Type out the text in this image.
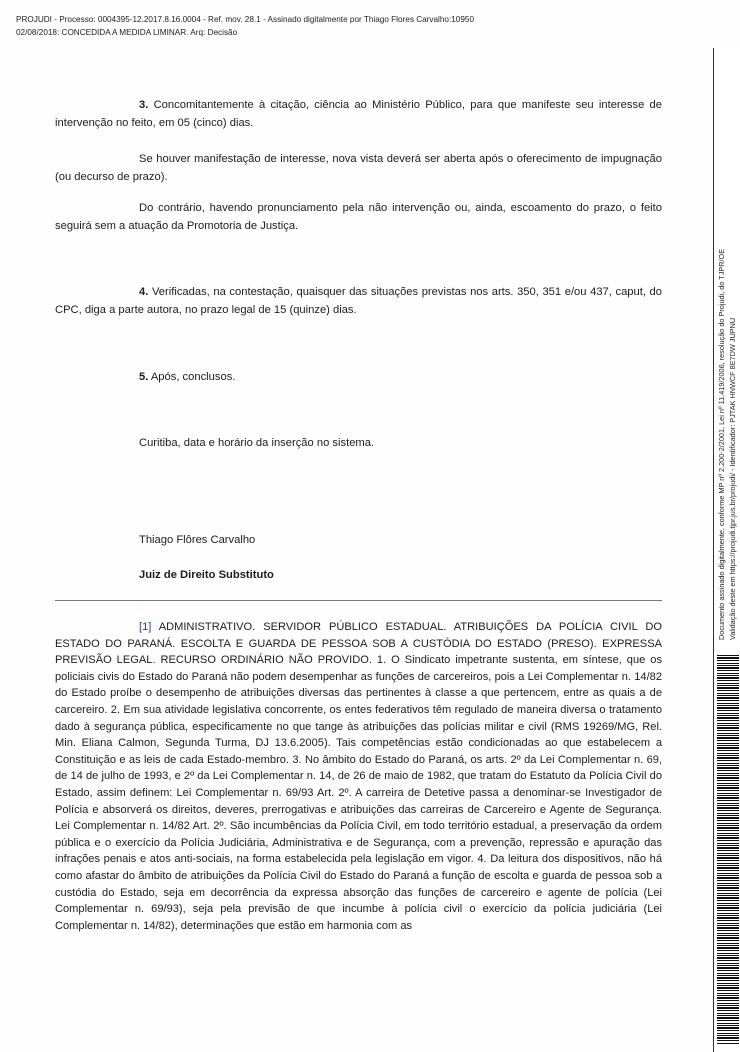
PROJUDI - Processo: 0004395-12.2017.8.16.0004 - Ref. mov. 28.1 - Assinado digitalmente por Thiago Flores Carvalho:10950
02/08/2018: CONCEDIDA A MEDIDA LIMINAR. Arq: Decisão
3. Concomitantemente à citação, ciência ao Ministério Público, para que manifeste seu interesse de intervenção no feito, em 05 (cinco) dias.
Se houver manifestação de interesse, nova vista deverá ser aberta após o oferecimento de impugnação (ou decurso de prazo).
Do contrário, havendo pronunciamento pela não intervenção ou, ainda, escoamento do prazo, o feito seguirá sem a atuação da Promotoria de Justiça.
4. Verificadas, na contestação, quaisquer das situações previstas nos arts. 350, 351 e/ou 437, caput, do CPC, diga a parte autora, no prazo legal de 15 (quinze) dias.
5. Após, conclusos.
Curitiba, data e horário da inserção no sistema.
Thiago Flôres Carvalho
Juiz de Direito Substituto
[1] ADMINISTRATIVO. SERVIDOR PÚBLICO ESTADUAL. ATRIBUIÇÕES DA POLÍCIA CIVIL DO ESTADO DO PARANÁ. ESCOLTA E GUARDA DE PESSOA SOB A CUSTÓDIA DO ESTADO (PRESO). EXPRESSA PREVISÃO LEGAL. RECURSO ORDINÁRIO NÃO PROVIDO. 1. O Sindicato impetrante sustenta, em síntese, que os policiais civis do Estado do Paraná não podem desempenhar as funções de carcereiros, pois a Lei Complementar n. 14/82 do Estado proíbe o desempenho de atribuições diversas das pertinentes à classe a que pertencem, entre as quais a de carcereiro. 2. Em sua atividade legislativa concorrente, os entes federativos têm regulado de maneira diversa o tratamento dado à segurança pública, especificamente no que tange às atribuições das polícias militar e civil (RMS 19269/MG, Rel. Min. Eliana Calmon, Segunda Turma, DJ 13.6.2005). Tais competências estão condicionadas ao que estabelecem a Constituição e as leis de cada Estado-membro. 3. No âmbito do Estado do Paraná, os arts. 2º da Lei Complementar n. 69, de 14 de julho de 1993, e 2º da Lei Complementar n. 14, de 26 de maio de 1982, que tratam do Estatuto da Polícia Civil do Estado, assim definem: Lei Complementar n. 69/93 Art. 2º. A carreira de Detetive passa a denominar-se Investigador de Polícia e absorverá os direitos, deveres, prerrogativas e atribuições das carreiras de Carcereiro e Agente de Segurança. Lei Complementar n. 14/82 Art. 2º. São incumbências da Polícia Civil, em todo território estadual, a preservação da ordem pública e o exercício da Polícia Judiciária, Administrativa e de Segurança, com a prevenção, repressão e apuração das infrações penais e atos anti-sociais, na forma estabelecida pela legislação em vigor. 4. Da leitura dos dispositivos, não há como afastar do âmbito de atribuições da Polícia Civil do Estado do Paraná a função de escolta e guarda de pessoa sob a custódia do Estado, seja em decorrência da expressa absorção das funções de carcereiro e agente de polícia (Lei Complementar n. 69/93), seja pela previsão de que incumbe à polícia civil o exercício da polícia judiciária (Lei Complementar n. 14/82), determinações que estão em harmonia com as
Documento assinado digitalmente, conforme MP nº 2.200-2/2001, Lei nº 11.419/2006, resolução do Projudi, do TJPR/OE Validação deste em https://projudi.tjpr.jus.br/projudi/ - Identificador: PJTAK HNWCF 8E7DW JUPNU
